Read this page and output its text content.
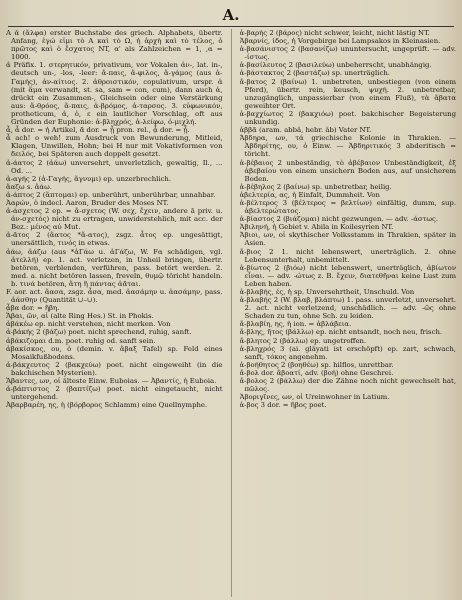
A.

A ᾰ (ἄλφα) erster Buchstabe des griech. Alphabets, übertr. Anfang, ἐγώ εἰμι τὸ Α καὶ τὸ Ω, ἡ ἀρχὴ καὶ τὸ τέλος, ὁ πρῶτος καὶ ὁ ἔσχατος NT, α' als Zahlzeichen = 1, ‚α = 1000.

ἀ Präfix. 1. στερητικόν, privativum, vor Vokalen ἀν-, lat. in-, deutsch un-, -los, -leer: ἄ-παις, ἄ-φιλος, ἄ-γάμος (aus ἀ-Γαμής), ἀν-αίτιος. 2. ἀθροιστικόν, copulativum, urspr. ἁ (mit ἅμα verwandt, st. sa, sam = con, cum), dann auch ἀ, drückt ein Zusammen-, Gleichsein oder eine Verstärkung aus: ἄ-θρόος, ἄ-παις, ἀ-βρόμος, ἀ-ταρσος. 3. εὐφωνικόν, protheticum, ἀ, ὁ, ε ein lautlicher Vorschlag, oft aus Gründen der Euphonie: ἀ-βληχρός, ἀ-λείφω, ὀ-μιχλή.

ἆ, ἆ dor. = ἡ Artikel, ᾶ dor. = ᾗ pron. rel., ᾆ dor. = ᾗ.

ἆ ach! o weh! zum Ausdruck von Bewunderung, Mitleid, Klagen, Unwillen, Hohn; bei H nur mit Vokativformen von δειλός, bei Späteren auch doppelt gesetzt.

ἀ-άατος 2 (ἀάω) unversehrt, unverletzlich, gewaltig, Il., ... Od. ...

ἀ-αγής 2 (ἀ-Γαγής, ἄγνυμι) ep. unzerbrechlich.

ἄαζω s. ἄάω.

ἀ-άπτος 2 (ἅπτομαι) ep. unberührt, unberührbar, unnahbar.

Ἀαρών, ὁ indecl. Aaron, Bruder des Moses NT.

ἀ-άσχετος 2 ep. = ἄ-σχετος (W. σεχ, ἔχειν, andere ā priv. u. ἀν-σχετός) nicht zu ertragen, unwiderstehlich, mit acc. der Bez.: μένος αὐ Mut.

ἀ-ᾱτος 2 (ἄατος *ἄ-ατος), zsgz. ἆτος ep. ungesättigt, unersättlich, τινός in etwas.

ἀάω, ἀάζω (aus *ἀΓάω u. ἀΓάζω, W. Fα schädigen, vgl. ἀτελλή) ep. 1. act. verletzen, in Unheil bringen, übertr. betören, verblenden, verführen, pass. betört werden. 2. med. a. nicht betören lassen, freveln, θυμῷ töricht handeln. b. τινά betören, ἄτη ἣ πάντας ἀᾶται.

F. aor. act. ἄασα, zsgz. ἆσα, med. ἀασάμην u. ἀασάμην, pass. ἀάσθην (Quantität ∪–∪).

ᾆβα dor. = ἥβη.

Ἄβαι, ῶν, αἱ (alte Ring Hes.) St. in Phokis.

ἀβάκέω ep. nicht verstehen, nicht merken. Von

ἀ-βάκής 2 (βάζω) poet. nicht sprechend, ruhig, sanft.

ἀβάκιζομαι d.m. poet. ruhig od. sanft sein.

ἀβακίσκος, ου, ὁ (demin. v. ἄβαξ Tafel) sp. Feld eines Mosaikfußbodens.

ἀ-βάκχευτος 2 (βακχεύω) poet. nicht eingeweiht (in die bakchischen Mysterien).

Ἄβαντες, ων, οἱ älteste Einw. Euboias. — Ἀβαντίς, ἡ Euboia.

ἀ-βάπτιστος 2 (βαπτίζω) poet. nicht eingetaucht, nicht untergehend.

Ἀβαρβαρέη, ης, ἡ (βόρβορος Schlamm) eine Quellnymphe.

ἀ-βαρής 2 (βάρος) nicht schwer, leicht, nicht lästig NT.

Ἀβαρνίς, ίδος, ἡ Vorgebirge bei Lampsakos in Kleinasien.

ἀ-βασάνιστος 2 (βασανίζω) ununtersucht, ungeprüft. — adv. -ίστως.

ἀ-βασίλευτος 2 (βασιλεύω) unbeherrscht, unabhängig.

ἀ-βάστακτος 2 (βαστάζω) sp. unerträglich.

ἄ-βατος 2 (βαίνω) 1. unbetreten, unbestiegen (von einem Pferd), übertr. rein, keusch, ψυχή. 2. unbetretbar, unzugänglich, unpassierbar (von einem Fluß), τὰ ἄβατα geweihter Ort.

ἀ-βαχχίωτος 2 (βακχιόω) poet. bakchischer Begeisterung unkundig.

ἀββᾶ (aram. abbâ, hebr. âb) Vater NT.

Ἄβδηρα, ων, τά griechische Kolonie in Thrakien. — Ἀβδηρίτης, ου, ὁ Einw. — Ἀβδηριτικός 3 abderitisch = töricht.

ἀ-βέβαιος 2 unbeständig, τὸ ἀβέβαιον Unbeständigkeit, ἐξ ἀβεβαίου von einem unsichern Boden aus, auf unsicherem Boden.

ἀ-βέβηλος 2 (βαίνω) sp. unbetretbar, heilig.

ἀβελτερία, ας, ἡ Einfalt, Dummheit. Von

ἀ-βέλτερος 3 (βέλτερος = βελτίων) einfältig, dumm, sup. ἀβελτερώτατος.

ἀ-βίαστος 2 (βιάζομαι) nicht gezwungen. — adv. -άστως.

Ἀβιληνή, ἡ Gebiet v. Abila in Koilesyrien NT.

Ἄβιοι, ων, οἱ skythischer Volksstamm in Thrakien, später in Asien.

ἄ-βιος 2 1. nicht lebenswert, unerträglich. 2. ohne Lebensunterhalt, unbemittelt.

ἀ-βίωτος 2 (βιόω) nicht lebenswert, unerträglich, ἀβίωτον εἶναι. — adv. -ώτως z. B. ἔχειν, διατεθῆναι keine Lust zum Leben haben.

ἀ-βλαβής, ές, ἡ sp. Unversehrtheit, Unschuld. Von

ἀ-βλαβής 2 (W. βλαβ, βλάπτω) 1. pass. unverletzt, unversehrt. 2. act. nicht verletzend, unschädlich. — adv. -ῶς ohne Schaden zu tun, ohne Sch. zu leiden.

ἄ-βλαβίη, ης, ἡ ion. = ἀβλάβεια.

ἄ-βλης, ῆτος (βάλλω) ep. nicht entsandt, noch neu, frisch.

ἄ-βλητος 2 (βάλλω) ep. ungetroffen.

ἀ-βληχρός 3 (ai. glâyati ist erschöpft) ep. zart, schwach, sanft, τόκος angenehm.

ἀ-βοήθητος 2 (βοηθέω) sp. hilflos, unrettbar.

ἄ-βολ dor. ἄβοατί, adv. (βοή) ohne Geschrei.

ἄ-βολος 2 (βάλλω) der die Zähne noch nicht gewechselt hat, πῶλος.

Ἀβοριγῖνες, ων, οἱ Ureinwohner in Latium.

ἀ-βος 3 dor. = ἥβος poet.
